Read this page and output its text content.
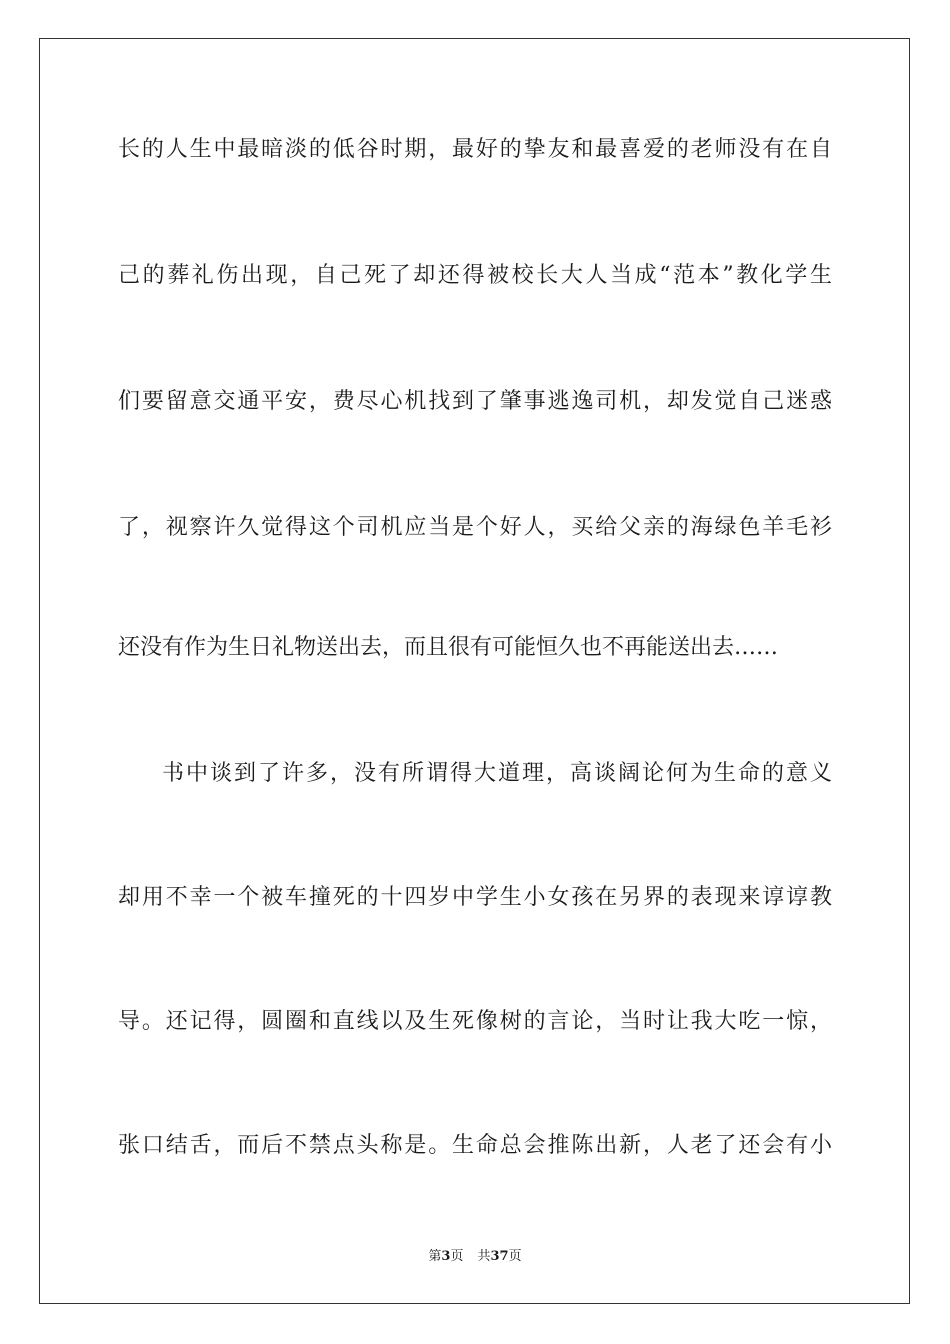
长的人生中最暗淡的低谷时期，最好的挚友和最喜爱的老师没有在自
己的葬礼伤出现，自己死了却还得被校长大人当成“范本”教化学生
们要留意交通平安，费尽心机找到了肇事逃逸司机，却发觉自己迷惑
了，视察许久觉得这个司机应当是个好人，买给父亲的海绿色羊毛衫
还没有作为生日礼物送出去，而且很有可能恒久也不再能送出去……
书中谈到了许多，没有所谓得大道理，高谈阔论何为生命的意义
却用不幸一个被车撞死的十四岁中学生小女孩在另界的表现来谆谆教
导。还记得，圆圈和直线以及生死像树的言论，当时让我大吃一惊，
张口结舌，而后不禁点头称是。生命总会推陈出新，人老了还会有小
第3页 共37页
